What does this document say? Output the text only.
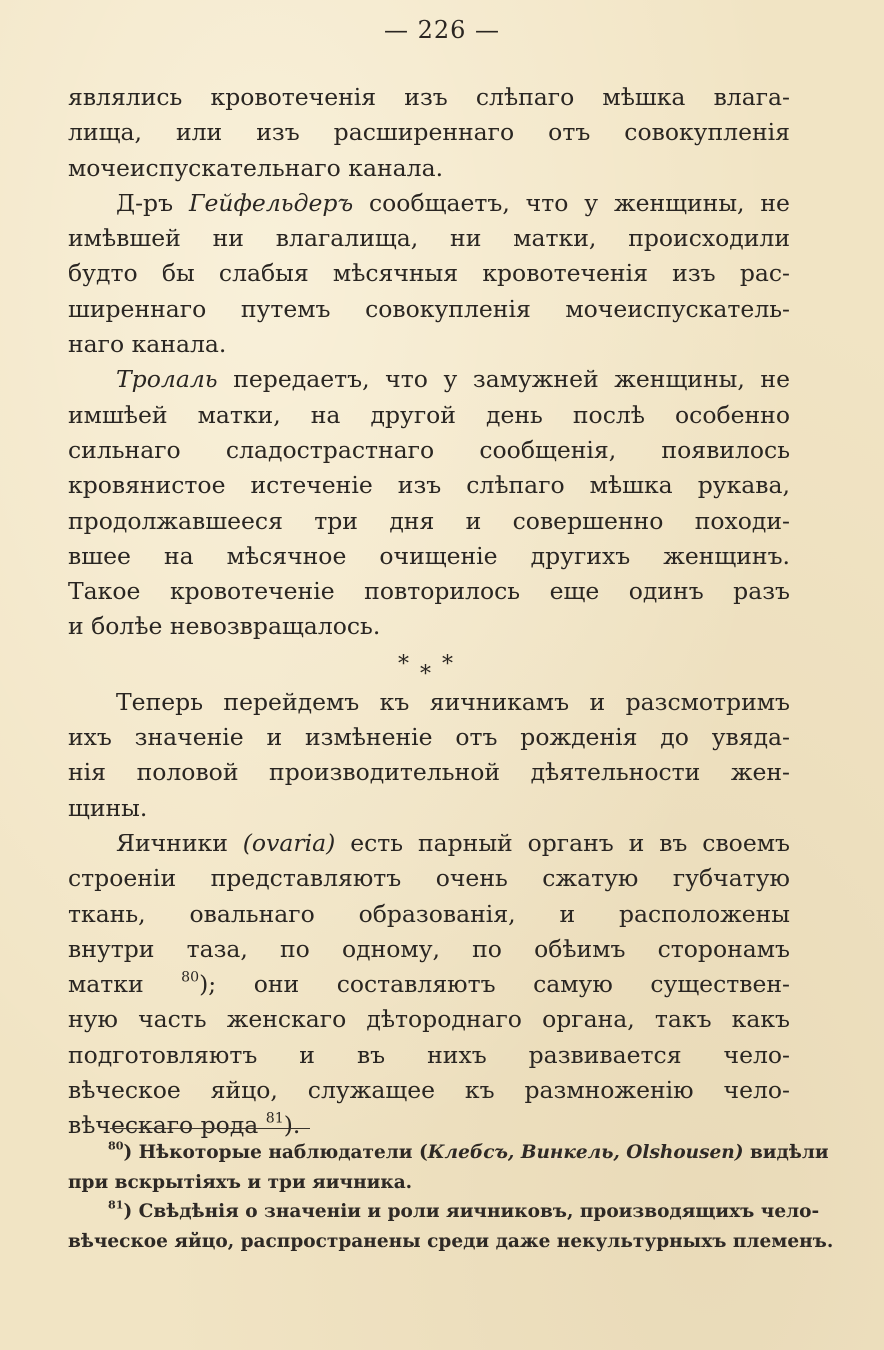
— 226 —
являлись кровотеченія изъ слѣпаго мѣшка влага-
лища, или изъ расширеннаго отъ совокупленія
мочеиспускательнаго канала.
Д-ръ Гейфельдеръ сообщаетъ, что у женщины, не
имѣвшей ни влагалища, ни матки, происходили
будто бы слабыя мѣсячныя кровотеченія изъ рас-
ширеннаго путемъ совокупленія мочеиспускатель-
наго канала.
Тролаль передаетъ, что у замужней женщины, не
имшѣей матки, на другой день послѣ особенно
сильнаго сладострастнаго сообщенія, появилось
кровянистое истеченіе изъ слѣпаго мѣшка рукава,
продолжавшееся три дня и совершенно походи-
вшее на мѣсячное очищеніе другихъ женщинъ.
Такое кровотеченіе повторилось еще одинъ разъ
и болѣе невозвращалось.
* * *
Теперь перейдемъ къ яичникамъ и разсмотримъ
ихъ значеніе и измѣненіе отъ рожденія до увяда-
нія половой производительной дѣятельности жен-
щины.
Яичники (ovaria) есть парный органъ и въ своемъ
строеніи представляютъ очень сжатую губчатую
ткань, овальнаго образованія, и расположены
внутри таза, по одному, по обѣимъ сторонамъ
матки	$^{80}$); они составляютъ самую существен-
ную часть женскаго дѣтороднаго органа, такъ какъ
подготовляютъ и въ нихъ развивается чело-
вѣческое яйцо, служащее къ размноженію чело-
вѣческаго рода $^{81}$).
$^{80}$) Нѣкоторые наблюдатели (Клебсъ, Винкель, Olshousen) видѣли
при вскрытіяхъ и три яичника.
$^{81}$) Свѣдѣнія о значеніи и роли яичниковъ, производящихъ чело-
вѣческое яйцо, распространены среди даже некультурныхъ племенъ.
